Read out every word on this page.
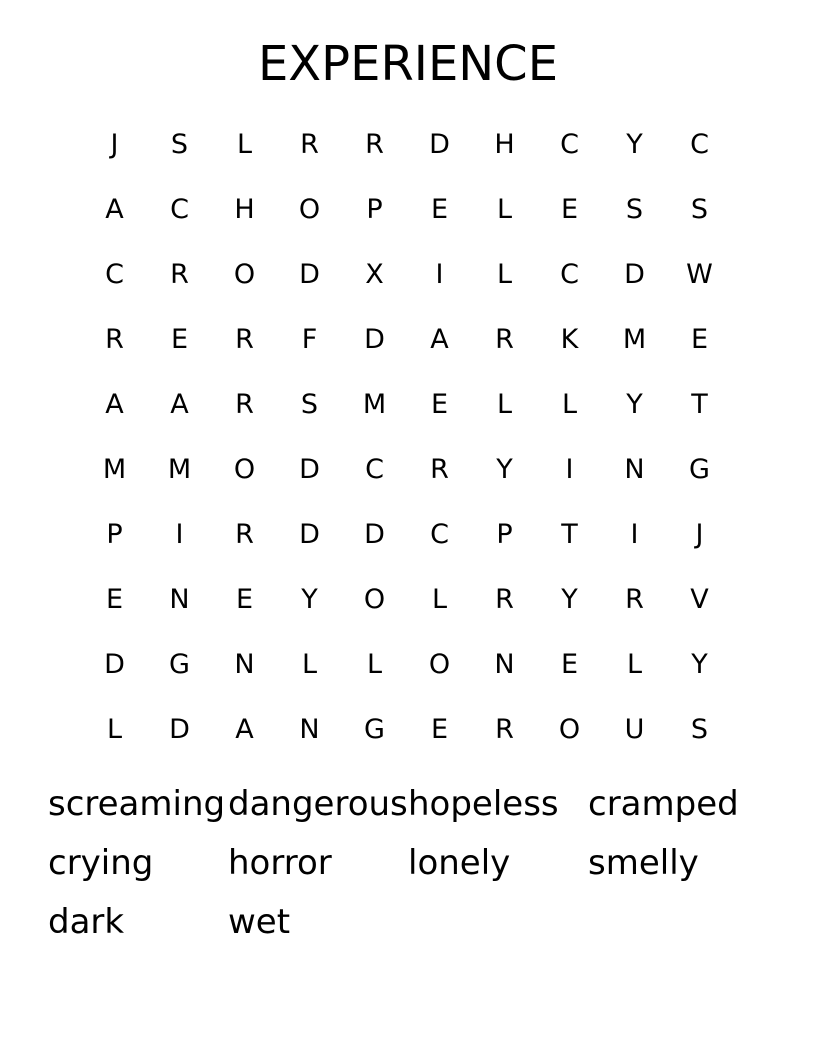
EXPERIENCE
J	S	L	R	R	D	H	C	Y	C
A	C	H	O	P	E	L	E	S	S
C	R	O	D	X	I	L	C	D	W
R	E	R	F	D	A	R	K	M	E
A	A	R	S	M	E	L	L	Y	T
M	M	O	D	C	R	Y	I	N	G
P	I	R	D	D	C	P	T	I	J
E	N	E	Y	O	L	R	Y	R	V
D	G	N	L	L	O	N	E	L	Y
L	D	A	N	G	E	R	O	U	S
screaming dangerous hopeless cramped
crying	horror	lonely	smelly
dark	wet
